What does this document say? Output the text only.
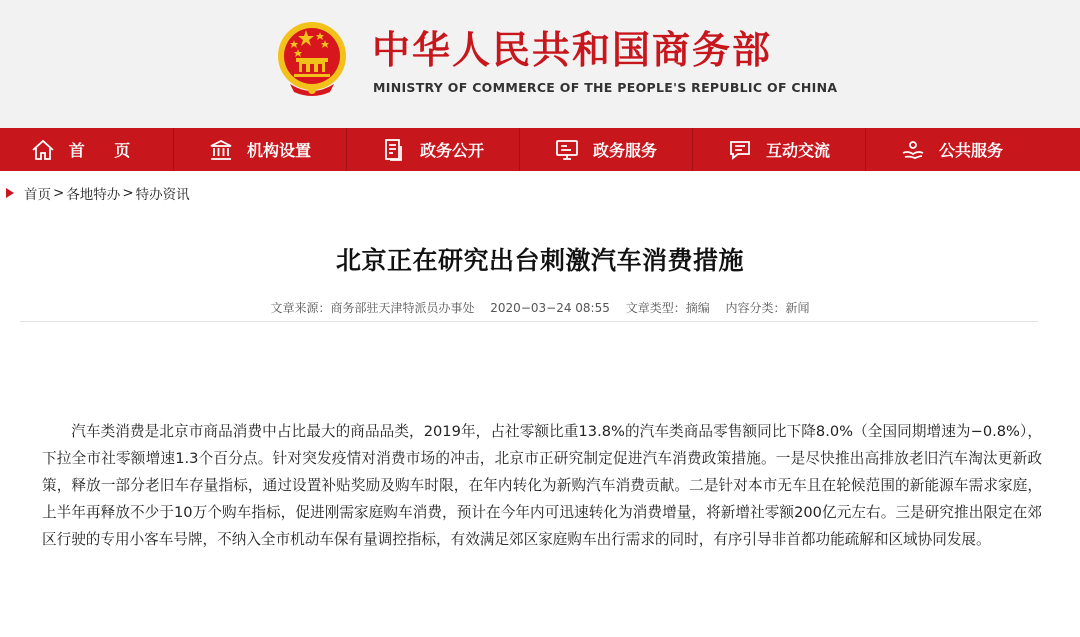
中华人民共和国商务部
MINISTRY OF COMMERCE OF THE PEOPLE'S REPUBLIC OF CHINA
首 页	机构设置	政务公开	政务服务	互动交流	公共服务
首页 > 各地特办 > 特办资讯
北京正在研究出台刺激汽车消费措施
文章来源：商务部驻天津特派员办事处 2020−03−24 08:55 文章类型：摘编 内容分类：新闻

汽车类消费是北京市商品消费中占比最大的商品品类，2019年，占社零额比重13.8%的汽车类商品零售额同比下降8.0%（全国同期增速为−0.8%），下拉全市社零额增速1.3个百分点。针对突发疫情对消费市场的冲击，北京市正研究制定促进汽车消费政策措施。一是尽快推出高排放老旧汽车淘汰更新政策，释放一部分老旧车存量指标，通过设置补贴奖励及购车时限，在年内转化为新购汽车消费贡献。二是针对本市无车且在轮候范围的新能源车需求家庭，上半年再释放不少于10万个购车指标，促进刚需家庭购车消费，预计在今年内可迅速转化为消费增量，将新增社零额200亿元左右。三是研究推出限定在郊区行驶的专用小客车号牌，不纳入全市机动车保有量调控指标，有效满足郊区家庭购车出行需求的同时，有序引导非首都功能疏解和区域协同发展。
